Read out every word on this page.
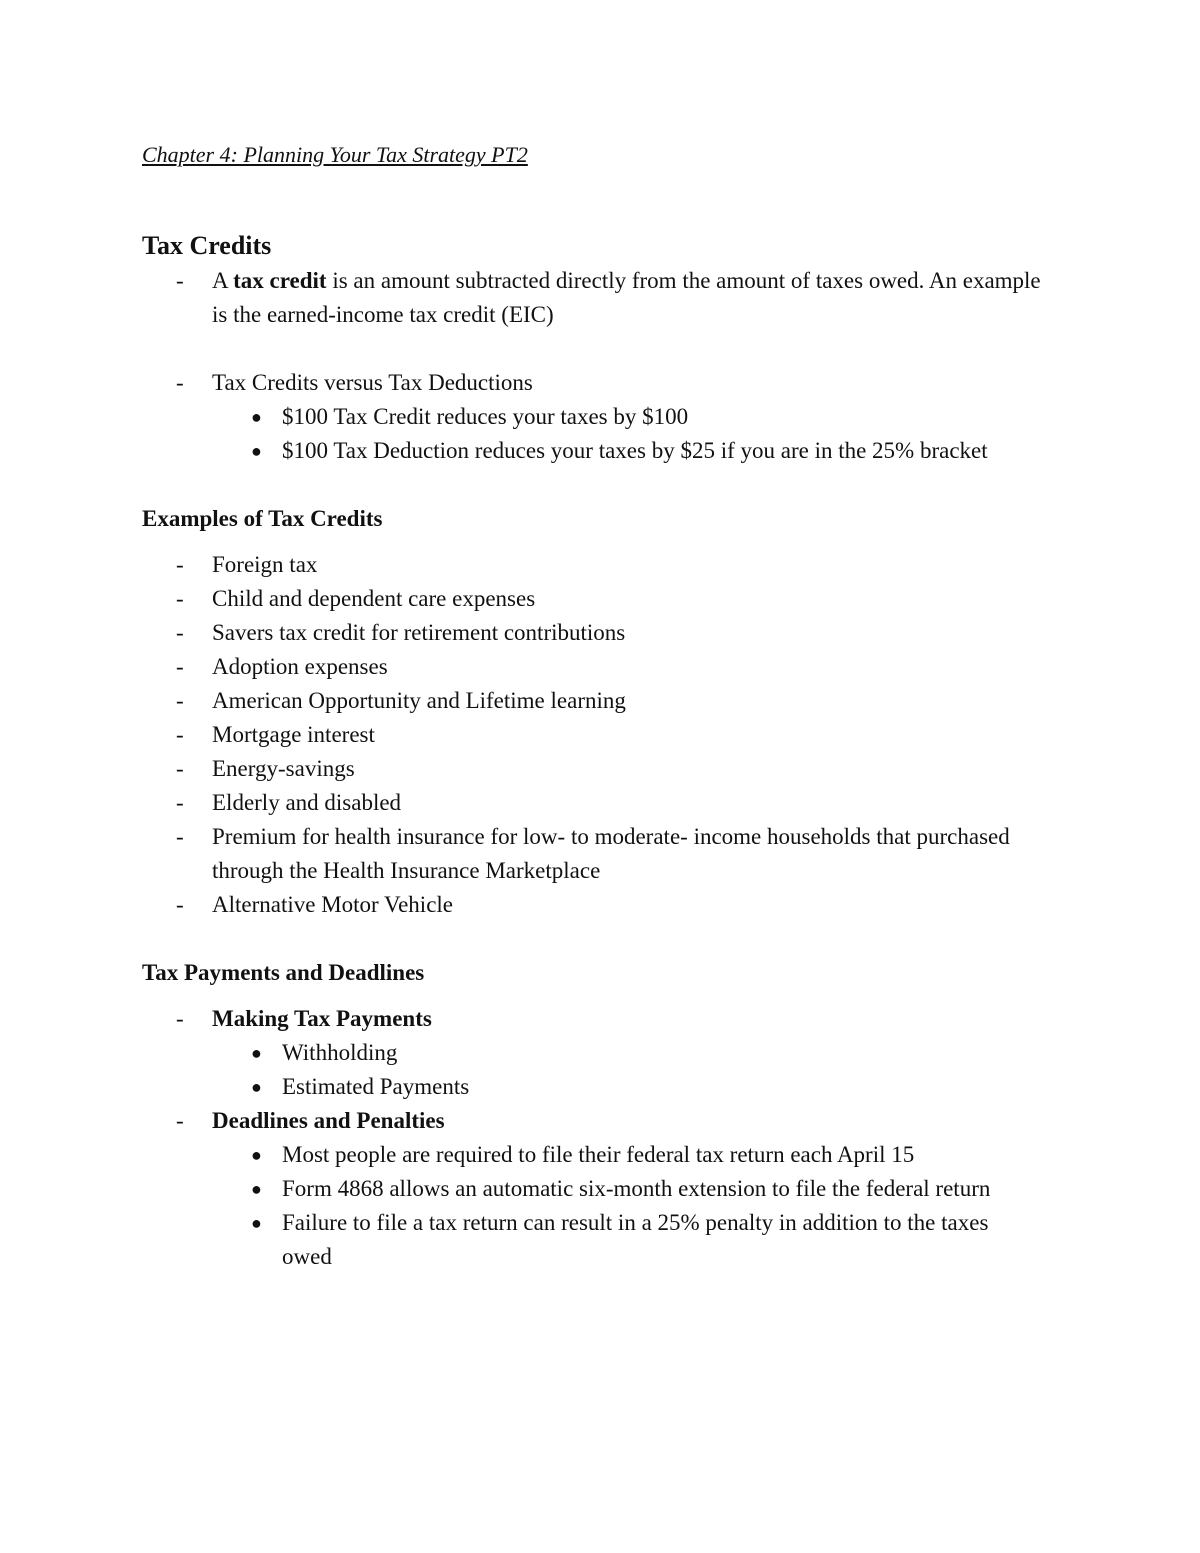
Chapter 4: Planning Your Tax Strategy PT2

Tax Credits

- A tax credit is an amount subtracted directly from the amount of taxes owed. An example is the earned-income tax credit (EIC)
- Tax Credits versus Tax Deductions
● $100 Tax Credit reduces your taxes by $100
● $100 Tax Deduction reduces your taxes by $25 if you are in the 25% bracket

Examples of Tax Credits

- Foreign tax
- Child and dependent care expenses
- Savers tax credit for retirement contributions
- Adoption expenses
- American Opportunity and Lifetime learning
- Mortgage interest
- Energy-savings
- Elderly and disabled
- Premium for health insurance for low- to moderate- income households that purchased through the Health Insurance Marketplace
- Alternative Motor Vehicle

Tax Payments and Deadlines

- Making Tax Payments
● Withholding
● Estimated Payments
- Deadlines and Penalties
● Most people are required to file their federal tax return each April 15
● Form 4868 allows an automatic six-month extension to file the federal return
● Failure to file a tax return can result in a 25% penalty in addition to the taxes owed
